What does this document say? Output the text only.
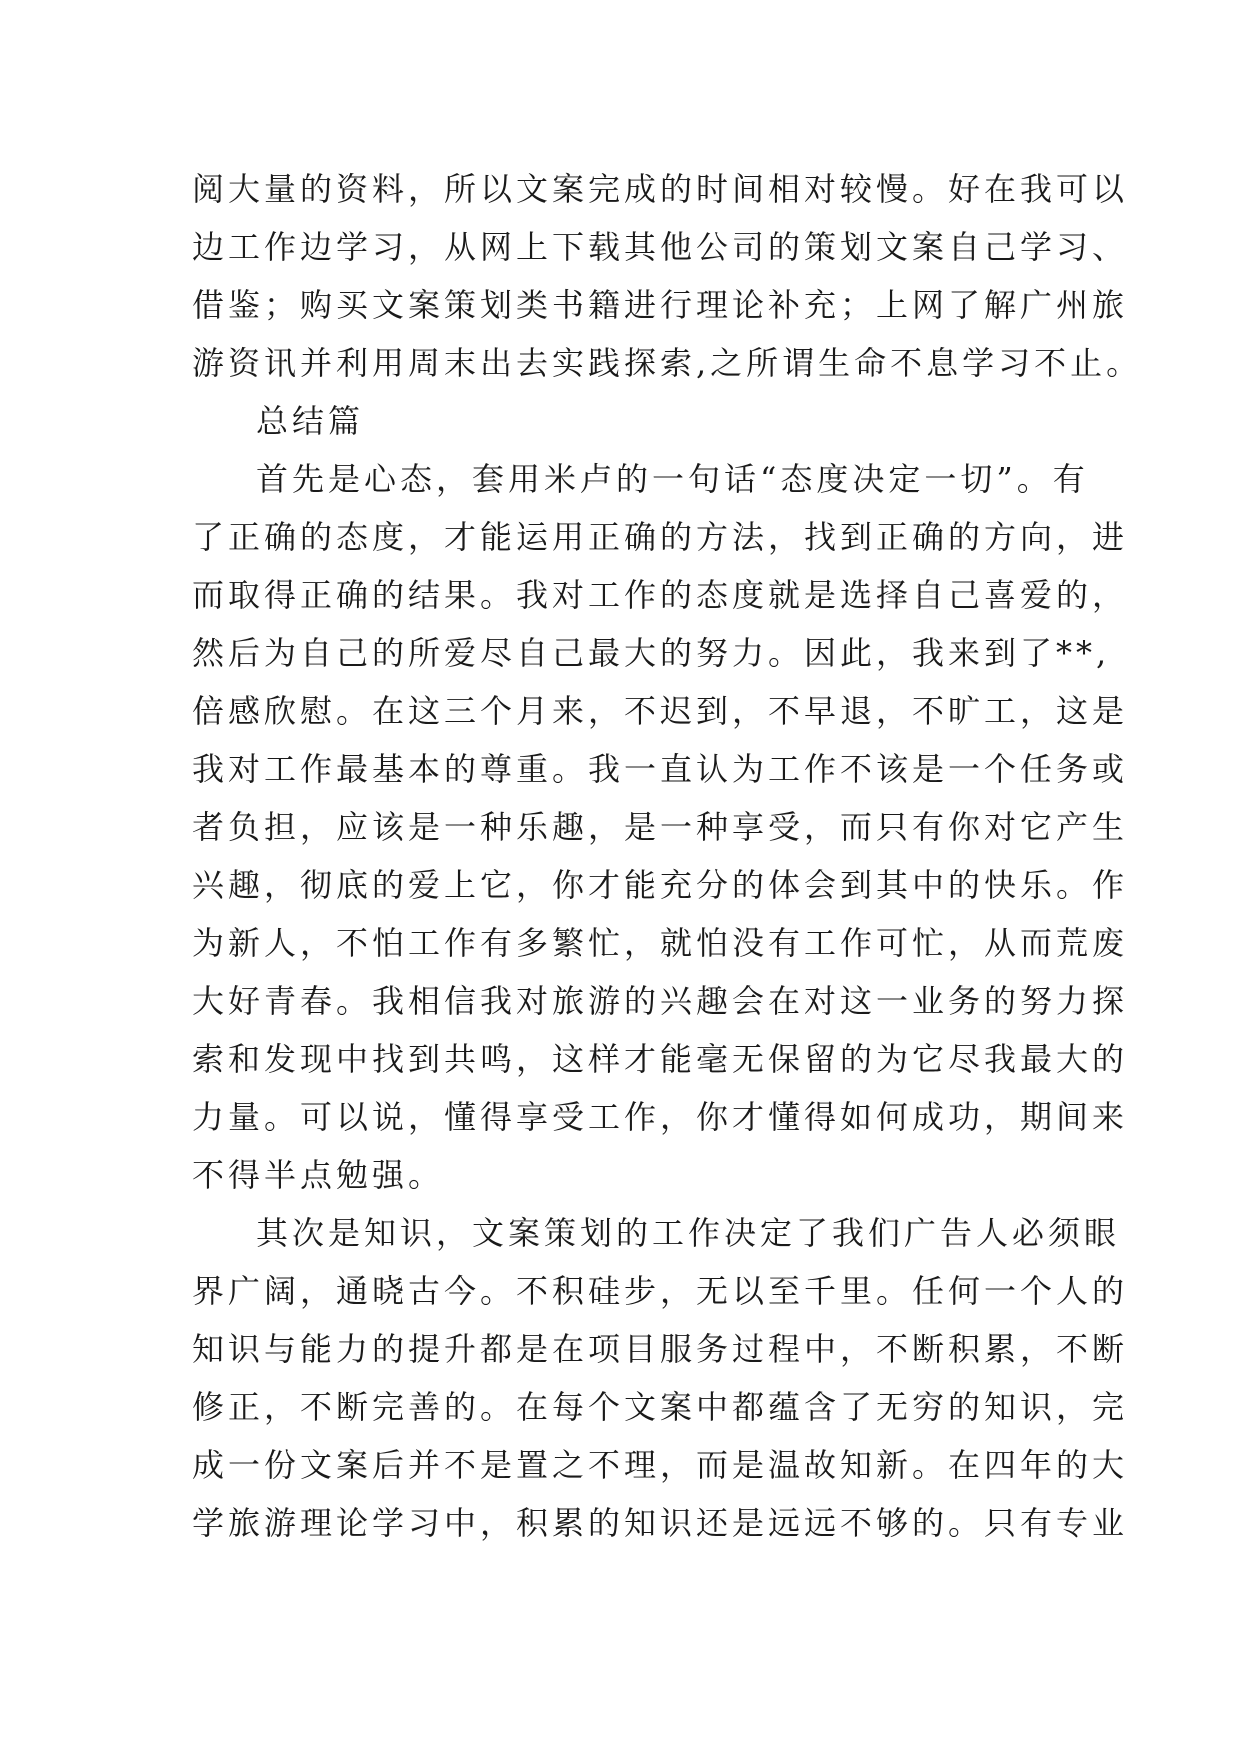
阅大量的资料，所以文案完成的时间相对较慢。好在我可以
边工作边学习，从网上下载其他公司的策划文案自己学习、
借鉴；购买文案策划类书籍进行理论补充；上网了解广州旅
游资讯并利用周末出去实践探索,之所谓生命不息学习不止。
总结篇
首先是心态，套用米卢的一句话“态度决定一切”。有
了正确的态度，才能运用正确的方法，找到正确的方向，进
而取得正确的结果。我对工作的态度就是选择自己喜爱的，
然后为自己的所爱尽自己最大的努力。因此，我来到了**,
倍感欣慰。在这三个月来，不迟到，不早退，不旷工，这是
我对工作最基本的尊重。我一直认为工作不该是一个任务或
者负担，应该是一种乐趣，是一种享受，而只有你对它产生
兴趣，彻底的爱上它，你才能充分的体会到其中的快乐。作
为新人，不怕工作有多繁忙，就怕没有工作可忙，从而荒废
大好青春。我相信我对旅游的兴趣会在对这一业务的努力探
索和发现中找到共鸣，这样才能毫无保留的为它尽我最大的
力量。可以说，懂得享受工作，你才懂得如何成功，期间来
不得半点勉强。
其次是知识，文案策划的工作决定了我们广告人必须眼
界广阔，通晓古今。不积硅步，无以至千里。任何一个人的
知识与能力的提升都是在项目服务过程中，不断积累，不断
修正，不断完善的。在每个文案中都蕴含了无穷的知识，完
成一份文案后并不是置之不理，而是温故知新。在四年的大
学旅游理论学习中，积累的知识还是远远不够的。只有专业
